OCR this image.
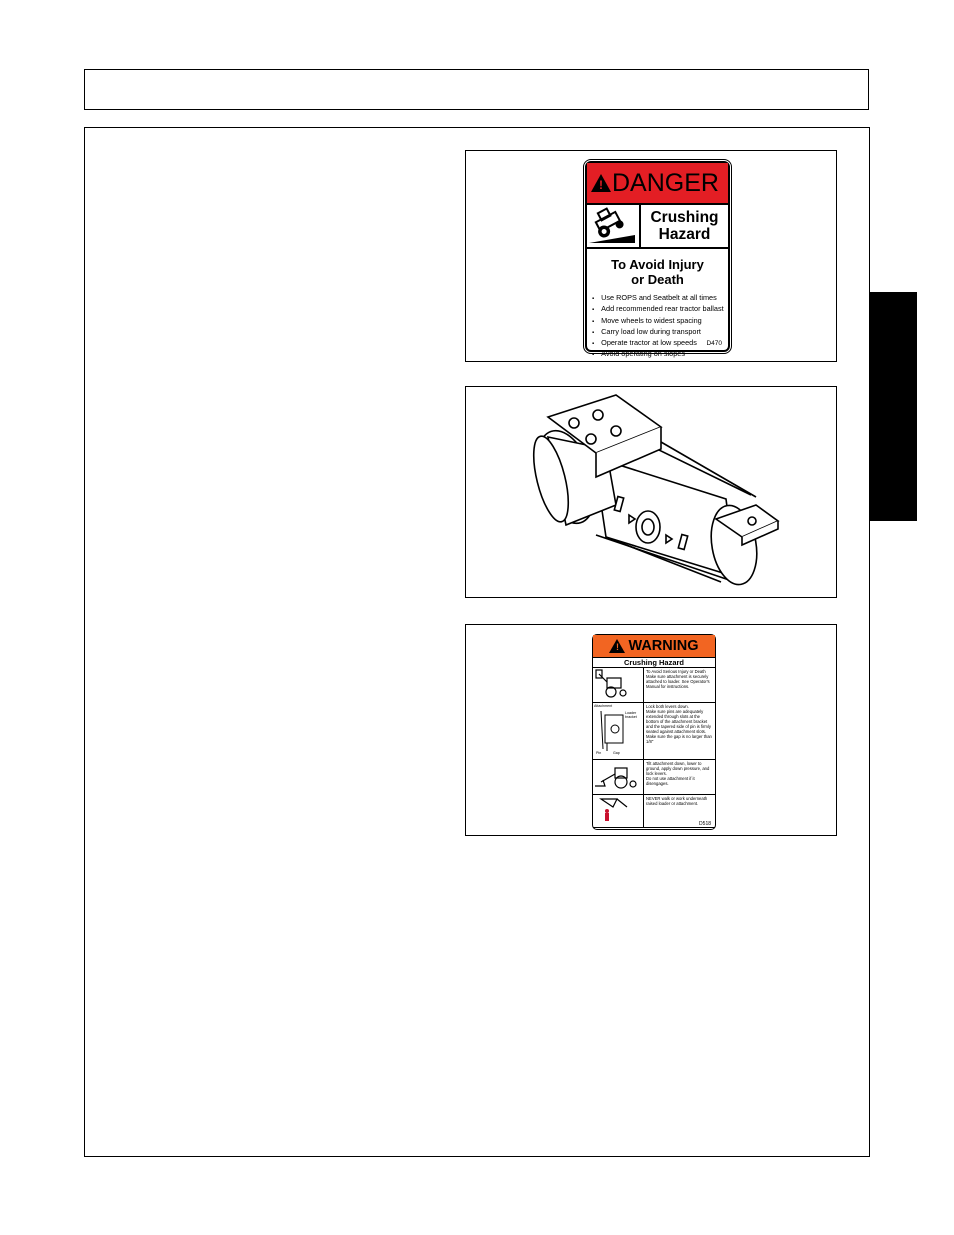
! DANGER
Crushing
Hazard
To Avoid Injury
or Death
▪ Use ROPS and Seatbelt at all times
▪ Add recommended rear tractor ballast
▪ Move wheels to widest spacing
▪ Carry load low during transport
▪ Operate tractor at low speeds
▪ Avoid operating on slopes
D470
! WARNING
Crushing Hazard
To Avoid Serious Injury or Death
Make sure attachment is securely attached to loader. See Operator's Manual for instructions.
Attachment
Loader bracket
Pin	Gap
Lock both levers down.
Make sure pins are adequately extended through slots at the bottom of the attachment bracket and the tapered side of pin is firmly seated against attachment slots.
Make sure the gap is no larger than 1/8"
Tilt attachment down, lower to ground, apply down pressure, and lock levers.
Do not use attachment if it disengages.
NEVER walk or work underneath raised loader or attachment.
D518
